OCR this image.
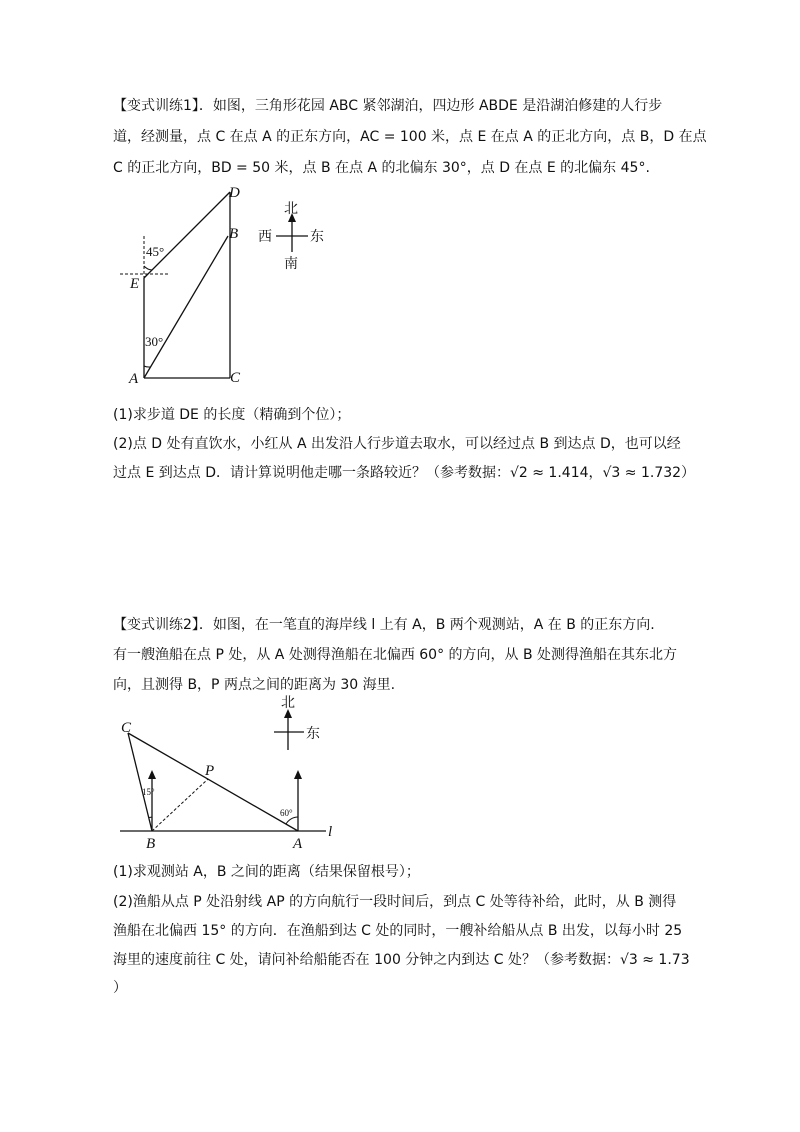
【变式训练1】．如图，三角形花园 ABC 紧邻湖泊，四边形 ABDE 是沿湖泊修建的人行步

道，经测量，点 C 在点 A 的正东方向，AC = 100 米，点 E 在点 A 的正北方向，点 B，D 在点

C 的正北方向，BD = 50 米，点 B 在点 A 的北偏东 30°，点 D 在点 E 的北偏东 45°.

D
B
E
A	C
45°
30°
北
南
西	东

(1)求步道 DE 的长度（精确到个位）；

(2)点 D 处有直饮水，小红从 A 出发沿人行步道去取水，可以经过点 B 到达点 D，也可以经

过点 E 到达点 D．请计算说明他走哪一条路较近？（参考数据：√2 ≈ 1.414，√3 ≈ 1.732）

【变式训练2】．如图，在一笔直的海岸线 l 上有 A，B 两个观测站，A 在 B 的正东方向.

有一艘渔船在点 P 处，从 A 处测得渔船在北偏西 60° 的方向，从 B 处测得渔船在其东北方

向，且测得 B，P 两点之间的距离为 30 海里.

C
P
B	A
l
15°
60°
北
东

(1)求观测站 A，B 之间的距离（结果保留根号）；

(2)渔船从点 P 处沿射线 AP 的方向航行一段时间后，到点 C 处等待补给，此时，从 B 测得

渔船在北偏西 15° 的方向．在渔船到达 C 处的同时，一艘补给船从点 B 出发，以每小时 25

海里的速度前往 C 处，请问补给船能否在 100 分钟之内到达 C 处？（参考数据：√3 ≈ 1.73

）
